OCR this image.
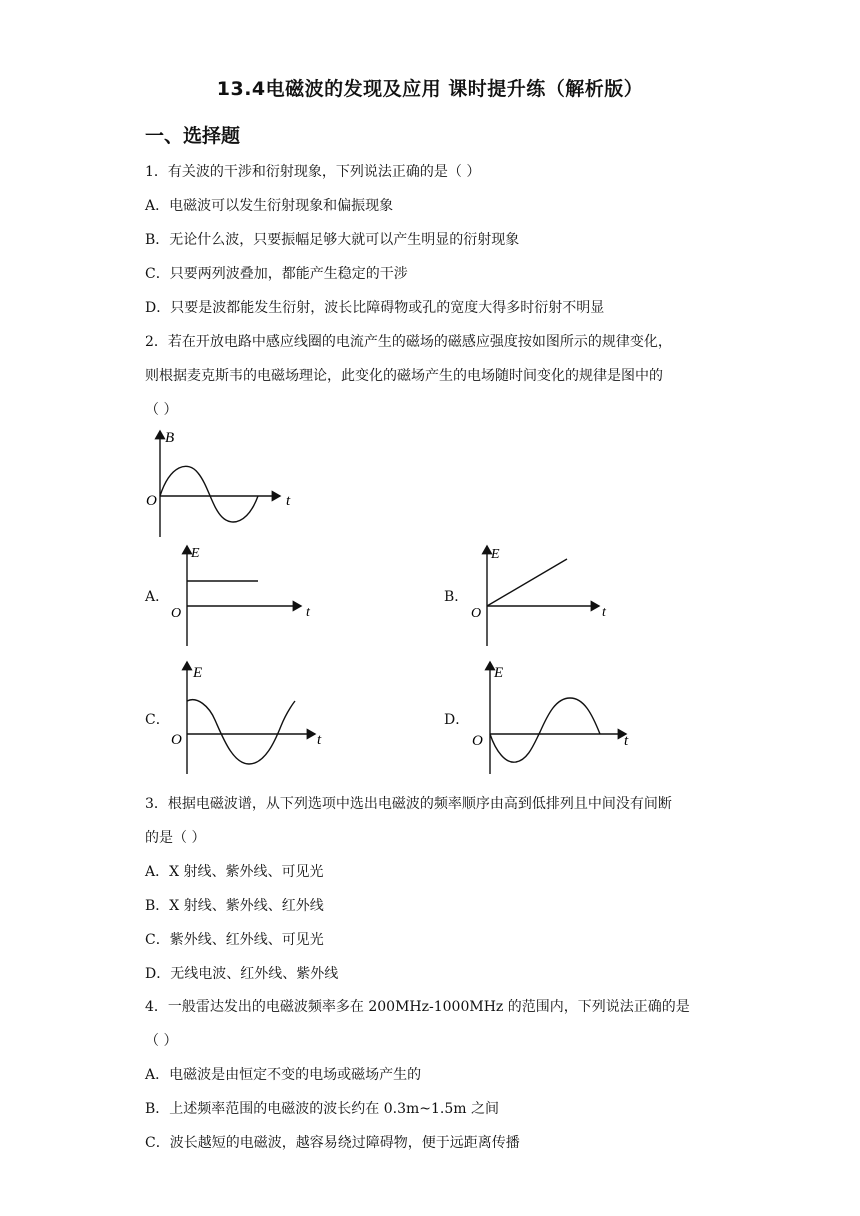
13.4电磁波的发现及应用 课时提升练（解析版）
一、选择题
1．有关波的干涉和衍射现象，下列说法正确的是（ ）
A．电磁波可以发生衍射现象和偏振现象
B．无论什么波，只要振幅足够大就可以产生明显的衍射现象
C．只要两列波叠加，都能产生稳定的干涉
D．只要是波都能发生衍射，波长比障碍物或孔的宽度大得多时衍射不明显
2．若在开放电路中感应线圈的电流产生的磁场的磁感应强度按如图所示的规律变化，
则根据麦克斯韦的电磁场理论，此变化的磁场产生的电场随时间变化的规律是图中的
（ ）
B
t
O
A．
E
t
O
B．
E
t
O
C．
E
t
O
D．
E
t
O
3．根据电磁波谱，从下列选项中选出电磁波的频率顺序由高到低排列且中间没有间断
的是（ ）
A．X 射线、紫外线、可见光
B．X 射线、紫外线、红外线
C．紫外线、红外线、可见光
D．无线电波、红外线、紫外线
4．一般雷达发出的电磁波频率多在 200MHz-1000MHz 的范围内，下列说法正确的是
（ ）
A．电磁波是由恒定不变的电场或磁场产生的
B．上述频率范围的电磁波的波长约在 0.3m~1.5m 之间
C．波长越短的电磁波，越容易绕过障碍物，便于远距离传播
